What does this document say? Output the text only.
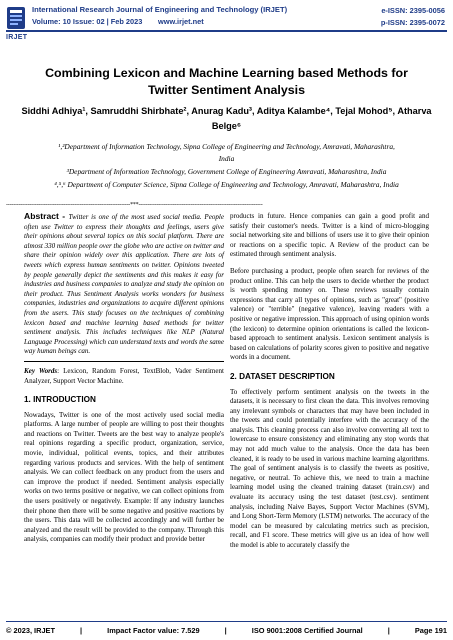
IRJET
International Research Journal of Engineering and Technology (IRJET)
Volume: 10 Issue: 02 | Feb 2023 www.irjet.net
e-ISSN: 2395-0056
p-ISSN: 2395-0072
Combining Lexicon and Machine Learning based Methods for
Twitter Sentiment Analysis
Siddhi Adhiya¹, Samruddhi Shirbhate², Anurag Kadu³, Aditya Kalambe⁴, Tejal Mohod⁵, Atharva
Belge⁶
¹,²Department of Information Technology, Sipna College of Engineering and Technology, Amravati, Maharashtra,
India
³Department of Information Technology, Government College of Engineering Amravati, Maharashtra, India
⁴,⁵,⁶ Department of Computer Science, Sipna College of Engineering and Technology, Amravati, Maharashtra, India
---------------------------------------------------------------------***---------------------------------------------------------------------
Abstract - Twitter is one of the most used social media. People often use Twitter to express their thoughts and feelings, users give their opinions about several topics on this social platform. There are almost 330 million people over the globe who are active on twitter and share their opinion widely over this application. There are lots of tweets which express human sentiments on twitter. Opinions tweeted by people generally depict the sentiments and this makes it easy for industries and business companies to analyze and study the opinion on their product. Thus Sentiment Analysis works wonders for business companies, industries and organizations to acquire different opinions from the users. This study focuses on the techniques of combining lexicon based and machine learning based methods for twitter sentiment analysis. This includes techniques like NLP (Natural Language Processing) which can understand texts and words the same way human beings can.
Key Words: Lexicon, Random Forest, TextBlob, Vader Sentiment Analyzer, Support Vector Machine.
1. INTRODUCTION

Nowadays, Twitter is one of the most actively used social media platforms. A large number of people are willing to post their thoughts and reactions on Twitter. Tweets are the best way to analyze people's real opinions regarding a specific product, organization, service, movie, individual, political events, topics, and their attributes regarding various products and services. With the help of sentiment analysis. We can collect feedback on any product from the users and can improve the product if needed. Sentiment analysis especially works on two terms positive or negative, we can collect opinions from the users positively or negatively. Example: If any industry launches their phone then there will be some negative and positive reactions by the users. This data will be collected accordingly and will further be analyzed and the result will be provided to the company. Through this analysis, companies can modify their product and provide better

products in future. Hence companies can gain a good profit and satisfy their customer's needs. Twitter is a kind of micro-blogging social networking site and billions of users use it to give their opinion or reactions on a specific topic. A Review of the product can be estimated through sentiment analysis.

Before purchasing a product, people often search for reviews of the product online. This can help the users to decide whether the product is worth spending money on. These reviews usually contain expressions that carry all types of opinions, such as "great" (positive valence) or "terrible" (negative valence), leaving readers with a positive or negative impression. This approach of using opinion words (the lexicon) to determine opinion orientations is called the lexicon-based approach to sentiment analysis. Lexicon sentiment analysis is based on calculations of polarity scores given to positive and negative words in a document.

2. DATASET DESCRIPTION

To effectively perform sentiment analysis on the tweets in the datasets, it is necessary to first clean the data. This involves removing any irrelevant symbols or characters that may have been included in the tweets and could potentially interfere with the accuracy of the analysis. This cleaning process can also involve converting all text to lowercase to ensure consistency and eliminating any stop words that may not add much value to the analysis. Once the data has been cleaned, it is ready to be used in various machine learning algorithms. The goal of sentiment analysis is to classify the tweets as positive, negative, or neutral. To achieve this, we need to train a machine learning model using the cleaned training dataset (train.csv) and evaluate its accuracy using the test dataset (test.csv). sentiment analysis, including Naive Bayes, Support Vector Machines (SVM), and Long Short-Term Memory (LSTM) networks. The accuracy of the model can be measured by calculating metrics such as precision, recall, and F1 score. These metrics will give us an idea of how well the model is able to accurately classify the

© 2023, IRJET	|	Impact Factor value: 7.529	|	ISO 9001:2008 Certified Journal	|	Page 191
